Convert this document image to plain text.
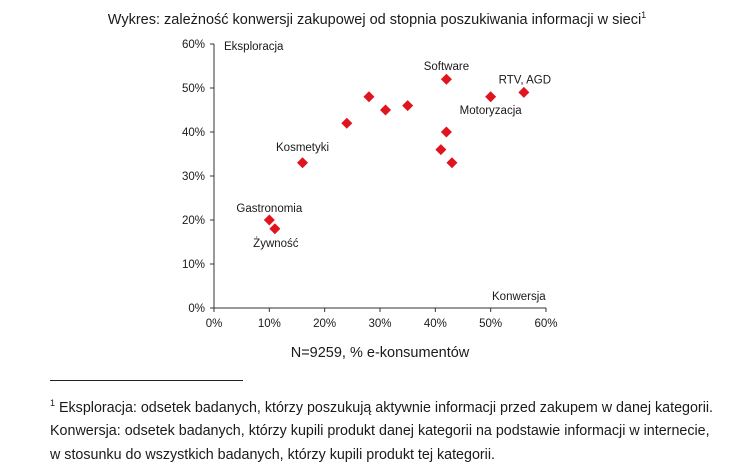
Wykres: zależność konwersji zakupowej od stopnia poszukiwania informacji w sieci$^1$
0%	10%	20%	30%	40%	50%	60%
0%
10%
20%
30%
40%
50%
60%
Gastronomia
Żywność
Kosmetyki
Software
Motoryzacja
RTV, AGD
Eksploracja
Konwersja
N=9259, % e-konsumentów
$^1$ Eksploracja: odsetek badanych, którzy poszukują aktywnie informacji przed zakupem w danej kategorii.
Konwersja: odsetek badanych, którzy kupili produkt danej kategorii na podstawie informacji w internecie,
w stosunku do wszystkich badanych, którzy kupili produkt tej kategorii.
